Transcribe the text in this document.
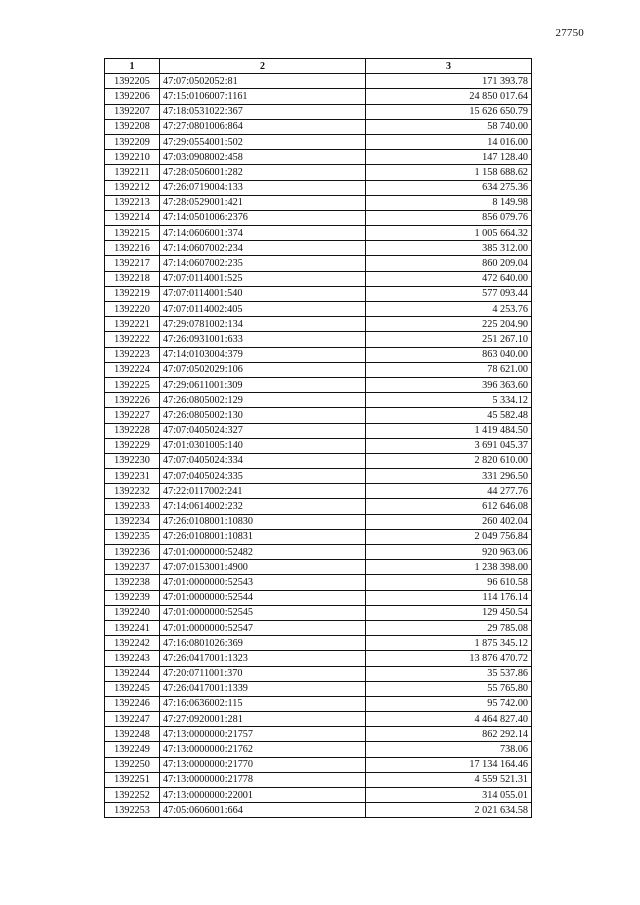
27750
1	2	3
1392205	47:07:0502052:81	171 393.78
1392206	47:15:0106007:1161	24 850 017.64
1392207	47:18:0531022:367	15 626 650.79
1392208	47:27:0801006:864	58 740.00
1392209	47:29:0554001:502	14 016.00
1392210	47:03:0908002:458	147 128.40
1392211	47:28:0506001:282	1 158 688.62
1392212	47:26:0719004:133	634 275.36
1392213	47:28:0529001:421	8 149.98
1392214	47:14:0501006:2376	856 079.76
1392215	47:14:0606001:374	1 005 664.32
1392216	47:14:0607002:234	385 312.00
1392217	47:14:0607002:235	860 209.04
1392218	47:07:0114001:525	472 640.00
1392219	47:07:0114001:540	577 093.44
1392220	47:07:0114002:405	4 253.76
1392221	47:29:0781002:134	225 204.90
1392222	47:26:0931001:633	251 267.10
1392223	47:14:0103004:379	863 040.00
1392224	47:07:0502029:106	78 621.00
1392225	47:29:0611001:309	396 363.60
1392226	47:26:0805002:129	5 334.12
1392227	47:26:0805002:130	45 582.48
1392228	47:07:0405024:327	1 419 484.50
1392229	47:01:0301005:140	3 691 045.37
1392230	47:07:0405024:334	2 820 610.00
1392231	47:07:0405024:335	331 296.50
1392232	47:22:0117002:241	44 277.76
1392233	47:14:0614002:232	612 646.08
1392234	47:26:0108001:10830	260 402.04
1392235	47:26:0108001:10831	2 049 756.84
1392236	47:01:0000000:52482	920 963.06
1392237	47:07:0153001:4900	1 238 398.00
1392238	47:01:0000000:52543	96 610.58
1392239	47:01:0000000:52544	114 176.14
1392240	47:01:0000000:52545	129 450.54
1392241	47:01:0000000:52547	29 785.08
1392242	47:16:0801026:369	1 875 345.12
1392243	47:26:0417001:1323	13 876 470.72
1392244	47:20:0711001:370	35 537.86
1392245	47:26:0417001:1339	55 765.80
1392246	47:16:0636002:115	95 742.00
1392247	47:27:0920001:281	4 464 827.40
1392248	47:13:0000000:21757	862 292.14
1392249	47:13:0000000:21762	738.06
1392250	47:13:0000000:21770	17 134 164.46
1392251	47:13:0000000:21778	4 559 521.31
1392252	47:13:0000000:22001	314 055.01
1392253	47:05:0606001:664	2 021 634.58
